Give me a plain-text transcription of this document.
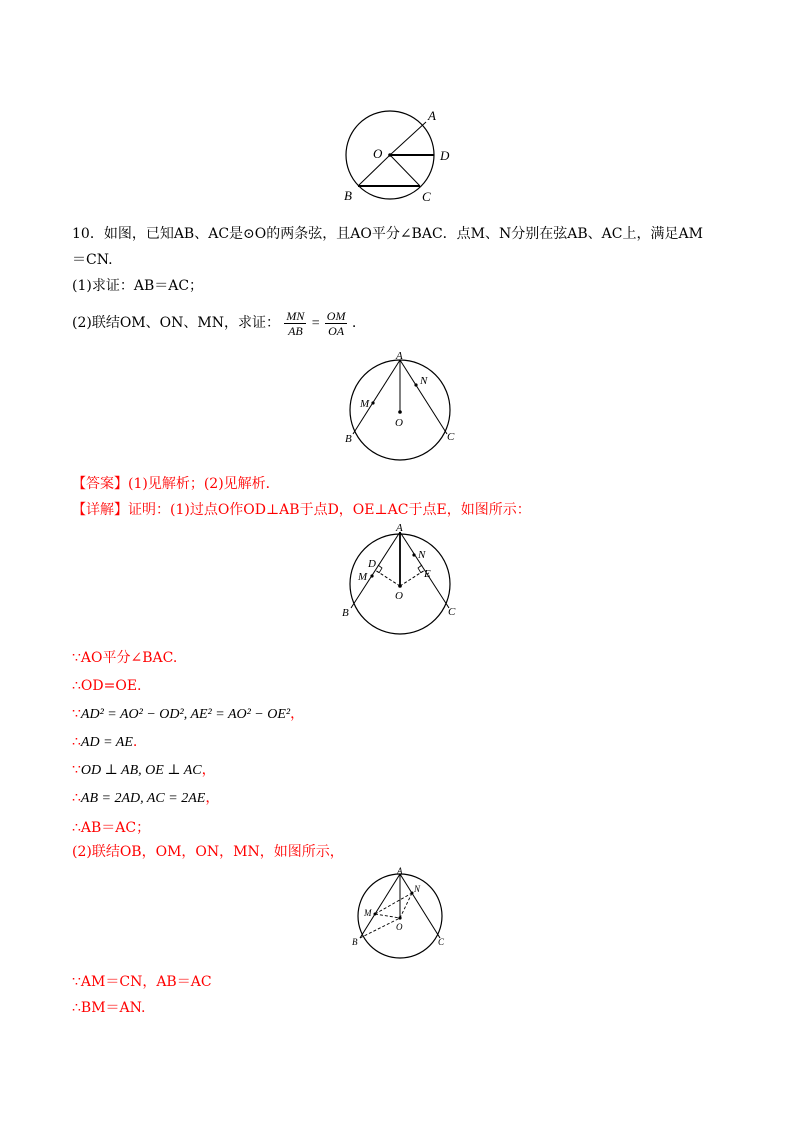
A
D
O
B	C
10．如图，已知AB、AC是⊙O的两条弦，且AO平分∠BAC．点M、N分别在弦AB、AC上，满足AM
＝CN.
(1)求证：AB＝AC；
(2)联结OM、ON、MN，求证： $\frac{MN}{AB} = \frac{OM}{OA}$ .
A
N
M
O
B	C
【答案】(1)见解析；(2)见解析．
【详解】证明：(1)过点O作OD⊥AB于点D，OE⊥AC于点E，如图所示：
A
D
N
E
M
O
B	C
∵AO平分∠BAC.
∴OD=OE.
∵AD² = AO² − OD², AE² = AO² − OE²，
∴AD = AE.
∵OD ⊥ AB, OE ⊥ AC，
∴AB = 2AD, AC = 2AE，
∴AB＝AC；
(2)联结OB，OM，ON，MN，如图所示，
A
N
M
O
B	C
∵AM＝CN，AB＝AC
∴BM＝AN.
